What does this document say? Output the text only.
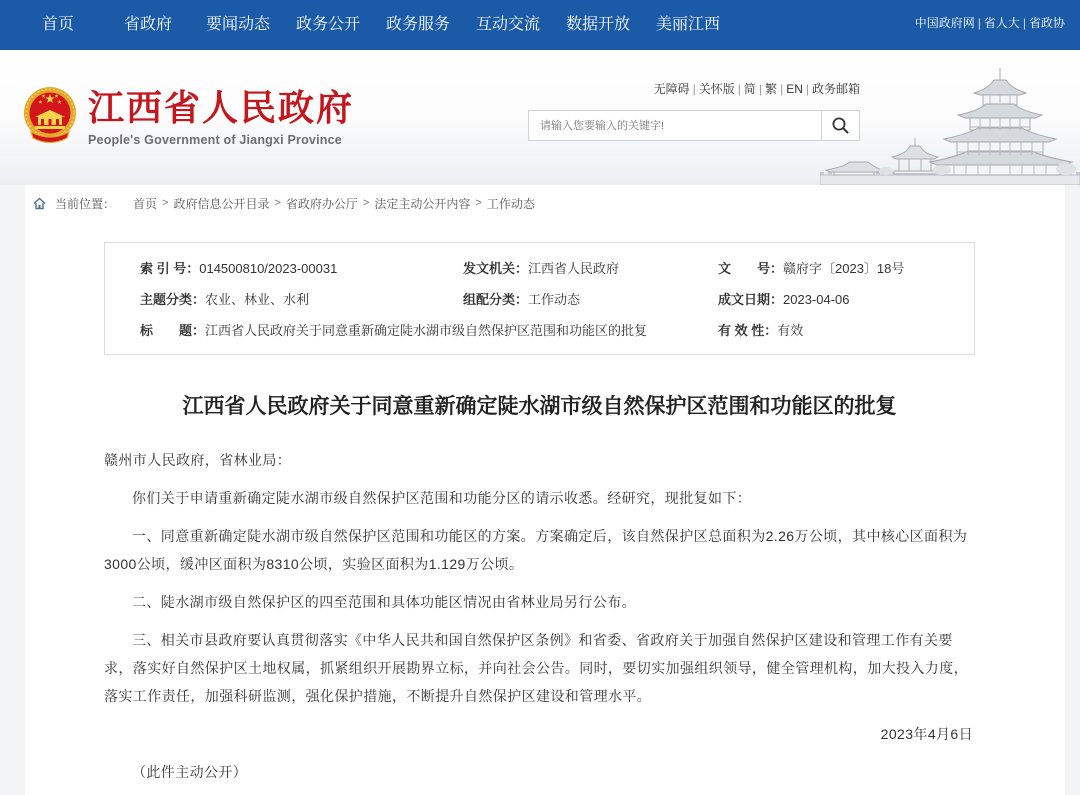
首页	省政府	要闻动态	政务公开	政务服务	互动交流	数据开放	美丽江西	中国政府网 | 省人大 | 省政协
江西省人民政府
People's Government of Jiangxi Province
无障碍 | 关怀版 | 简 | 繁 | EN | 政务邮箱
请输入您要输入的关键字!
当前位置： 首页 > 政府信息公开目录 > 省政府办公厅 > 法定主动公开内容 > 工作动态
索 引 号：014500810/2023-00031	发文机关：江西省人民政府	文　　号：赣府字〔2023〕18号
主题分类：农业、林业、水利	组配分类：工作动态	成文日期：2023-04-06
标　　题：江西省人民政府关于同意重新确定陡水湖市级自然保护区范围和功能区的批复	有 效 性：有效
江西省人民政府关于同意重新确定陡水湖市级自然保护区范围和功能区的批复

赣州市人民政府，省林业局：

你们关于申请重新确定陡水湖市级自然保护区范围和功能分区的请示收悉。经研究，现批复如下：

一、同意重新确定陡水湖市级自然保护区范围和功能区的方案。方案确定后，该自然保护区总面积为2.26万公顷，其中核心区面积为3000公顷，缓冲区面积为8310公顷，实验区面积为1.129万公顷。

二、陡水湖市级自然保护区的四至范围和具体功能区情况由省林业局另行公布。

三、相关市县政府要认真贯彻落实《中华人民共和国自然保护区条例》和省委、省政府关于加强自然保护区建设和管理工作有关要求，落实好自然保护区土地权属，抓紧组织开展勘界立标，并向社会公告。同时，要切实加强组织领导，健全管理机构，加大投入力度，落实工作责任，加强科研监测，强化保护措施，不断提升自然保护区建设和管理水平。

2023年4月6日

（此件主动公开）
